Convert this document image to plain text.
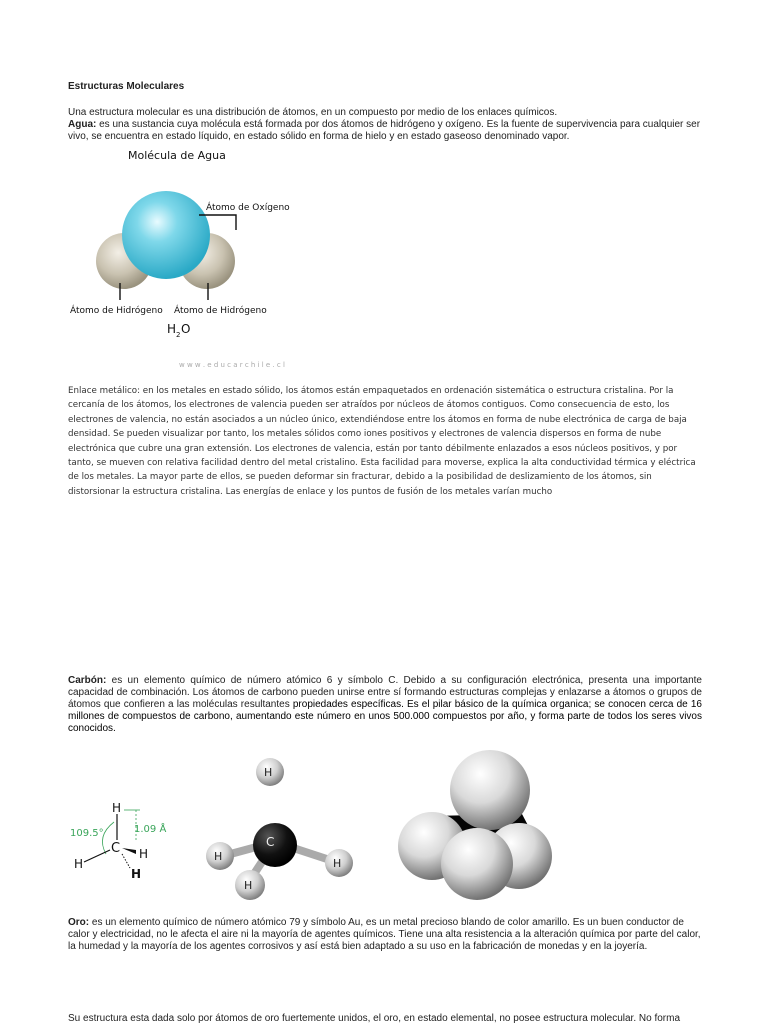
Estructuras Moleculares
Una estructura molecular es una distribución de átomos, en un compuesto por medio de los enlaces químicos.
Agua: es una sustancia cuya molécula está formada por dos átomos de hidrógeno y oxígeno. Es la fuente de supervivencia para cualquier ser vivo, se encuentra en estado líquido, en estado sólido en forma de hielo y en estado gaseoso denominado vapor.
Molécula de Agua
Átomo de Oxígeno
Átomo de Hidrógeno Átomo de Hidrógeno
H 2 O
w w w . e d u c a r c h i l e . c l
Enlace metálico: en los metales en estado sólido, los átomos están empaquetados en ordenación sistemática o estructura cristalina. Por la cercanía de los átomos, los electrones de valencia pueden ser atraídos por núcleos de átomos contiguos. Como consecuencia de esto, los electrones de valencia, no están asociados a un núcleo único, extendiéndose entre los átomos en forma de nube electrónica de carga de baja densidad. Se pueden visualizar por tanto, los metales sólidos como iones positivos y electrones de valencia dispersos en forma de nube electrónica que cubre una gran extensión. Los electrones de valencia, están por tanto débilmente enlazados a esos núcleos positivos, y por tanto, se mueven con relativa facilidad dentro del metal cristalino. Esta facilidad para moverse, explica la alta conductividad térmica y eléctrica de los metales. La mayor parte de ellos, se pueden deformar sin fracturar, debido a la posibilidad de deslizamiento de los átomos, sin distorsionar la estructura cristalina. Las energías de enlace y los puntos de fusión de los metales varían mucho
Carbón: es un elemento químico de número atómico 6 y símbolo C. Debido a su configuración electrónica, presenta una importante capacidad de combinación. Los átomos de carbono pueden unirse entre sí formando estructuras complejas y enlazarse a átomos o grupos de átomos que confieren a las moléculas resultantes propiedades específicas. Es el pilar básico de la química organica; se conocen cerca de 16 millones de compuestos de carbono, aumentando este número en unos 500.000 compuestos por año, y forma parte de todos los seres vivos conocidos.
H
1.09 Å
109.5°
C
H
H
H
C
H
H
H
H
Oro: es un elemento químico de número atómico 79 y símbolo Au, es un metal precioso blando de color amarillo. Es un buen conductor de calor y electricidad, no le afecta el aire ni la mayoría de agentes químicos. Tiene una alta resistencia a la alteración química por parte del calor, la humedad y la mayoría de los agentes corrosivos y así está bien adaptado a su uso en la fabricación de monedas y en la joyería.
Su estructura esta dada solo por átomos de oro fuertemente unidos, el oro, en estado elemental, no posee estructura molecular. No forma
